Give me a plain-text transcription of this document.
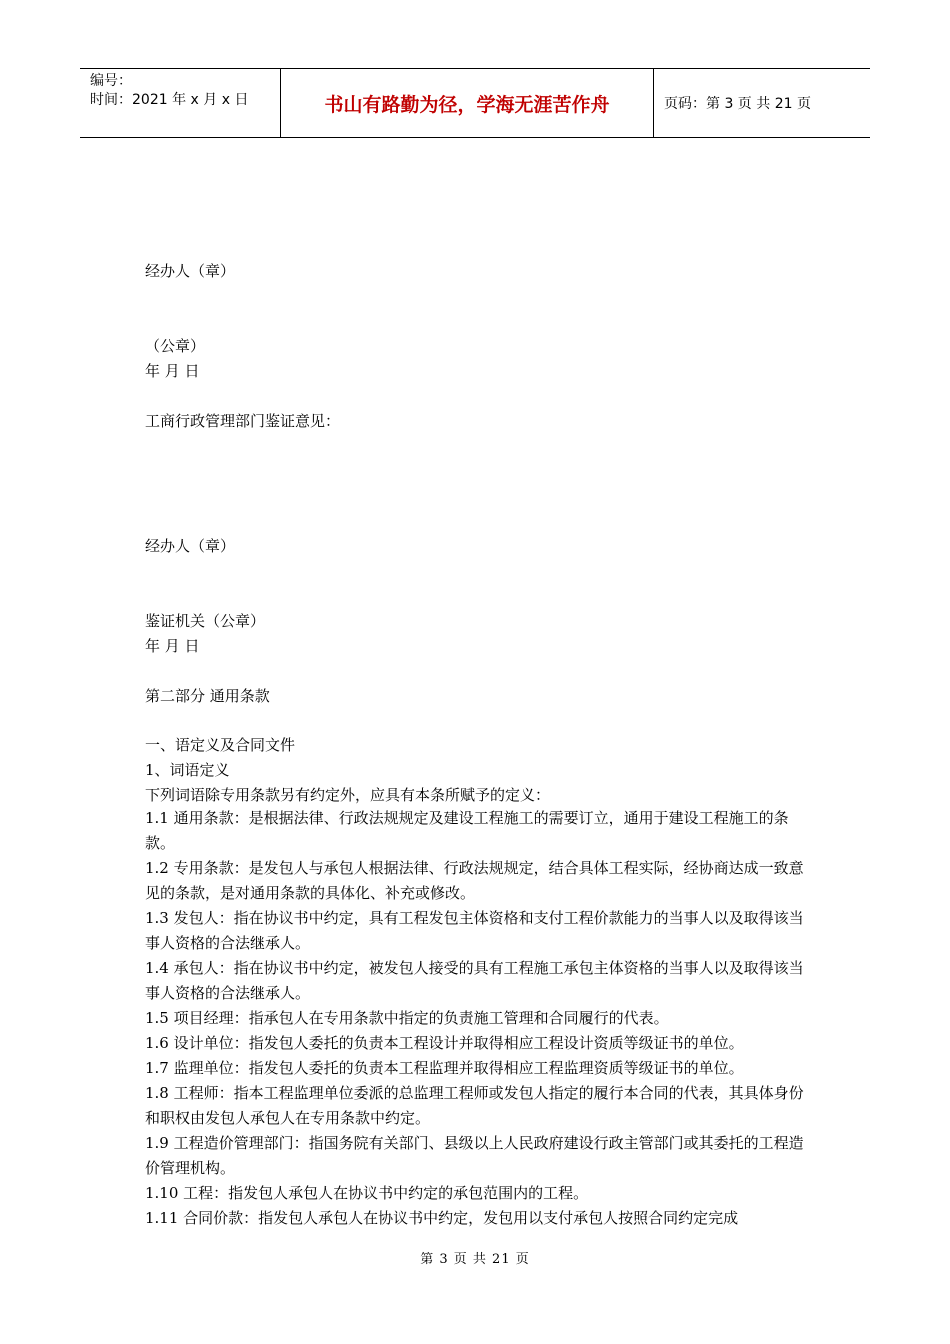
编号：
时间：2021 年 x 月 x 日	书山有路勤为径，学海无涯苦作舟	页码：第 3 页 共 21 页
经办人（章）
（公章）
年 月 日
工商行政管理部门鉴证意见：
经办人（章）
鉴证机关（公章）
年 月 日
第二部分 通用条款
一、语定义及合同文件
1、词语定义
下列词语除专用条款另有约定外，应具有本条所赋予的定义：
1.1 通用条款：是根据法律、行政法规规定及建设工程施工的需要订立，通用于建设工程施工的条款。
1.2 专用条款：是发包人与承包人根据法律、行政法规规定，结合具体工程实际，经协商达成一致意见的条款，是对通用条款的具体化、补充或修改。
1.3 发包人：指在协议书中约定，具有工程发包主体资格和支付工程价款能力的当事人以及取得该当事人资格的合法继承人。
1.4 承包人：指在协议书中约定，被发包人接受的具有工程施工承包主体资格的当事人以及取得该当事人资格的合法继承人。
1.5 项目经理：指承包人在专用条款中指定的负责施工管理和合同履行的代表。
1.6 设计单位：指发包人委托的负责本工程设计并取得相应工程设计资质等级证书的单位。
1.7 监理单位：指发包人委托的负责本工程监理并取得相应工程监理资质等级证书的单位。
1.8 工程师：指本工程监理单位委派的总监理工程师或发包人指定的履行本合同的代表，其具体身份和职权由发包人承包人在专用条款中约定。
1.9 工程造价管理部门：指国务院有关部门、县级以上人民政府建设行政主管部门或其委托的工程造价管理机构。
1.10 工程：指发包人承包人在协议书中约定的承包范围内的工程。
1.11 合同价款：指发包人承包人在协议书中约定，发包用以支付承包人按照合同约定完成
第 3 页 共 21 页
